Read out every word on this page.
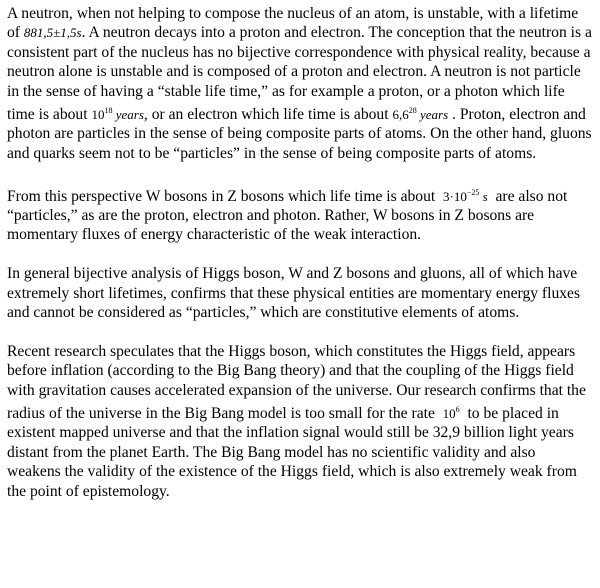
A neutron, when not helping to compose the nucleus of an atom, is unstable, with a lifetime of 881,5±1,5s. A neutron decays into a proton and electron. The conception that the neutron is a consistent part of the nucleus has no bijective correspondence with physical reality, because a neutron alone is unstable and is composed of a proton and electron. A neutron is not particle in the sense of having a “stable life time,” as for example a proton, or a photon which life time is about $10^{18}$ years, or an electron which life time is about $6,6^{28}$ years . Proton, electron and photon are particles in the sense of being composite parts of atoms. On the other hand, gluons and quarks seem not to be “particles” in the sense of being composite parts of atoms.

From this perspective W bosons in Z bosons which life time is about $3\cdot 10^{-25}$ s are also not “particles,” as are the proton, electron and photon. Rather, W bosons in Z bosons are momentary fluxes of energy characteristic of the weak interaction.

In general bijective analysis of Higgs boson, W and Z bosons and gluons, all of which have extremely short lifetimes, confirms that these physical entities are momentary energy fluxes and cannot be considered as “particles,” which are constitutive elements of atoms.

Recent research speculates that the Higgs boson, which constitutes the Higgs field, appears before inflation (according to the Big Bang theory) and that the coupling of the Higgs field with gravitation causes accelerated expansion of the universe. Our research confirms that the radius of the universe in the Big Bang model is too small for the rate $10^6$ to be placed in existent mapped universe and that the inflation signal would still be 32,9 billion light years distant from the planet Earth. The Big Bang model has no scientific validity and also weakens the validity of the existence of the Higgs field, which is also extremely weak from the point of epistemology.
